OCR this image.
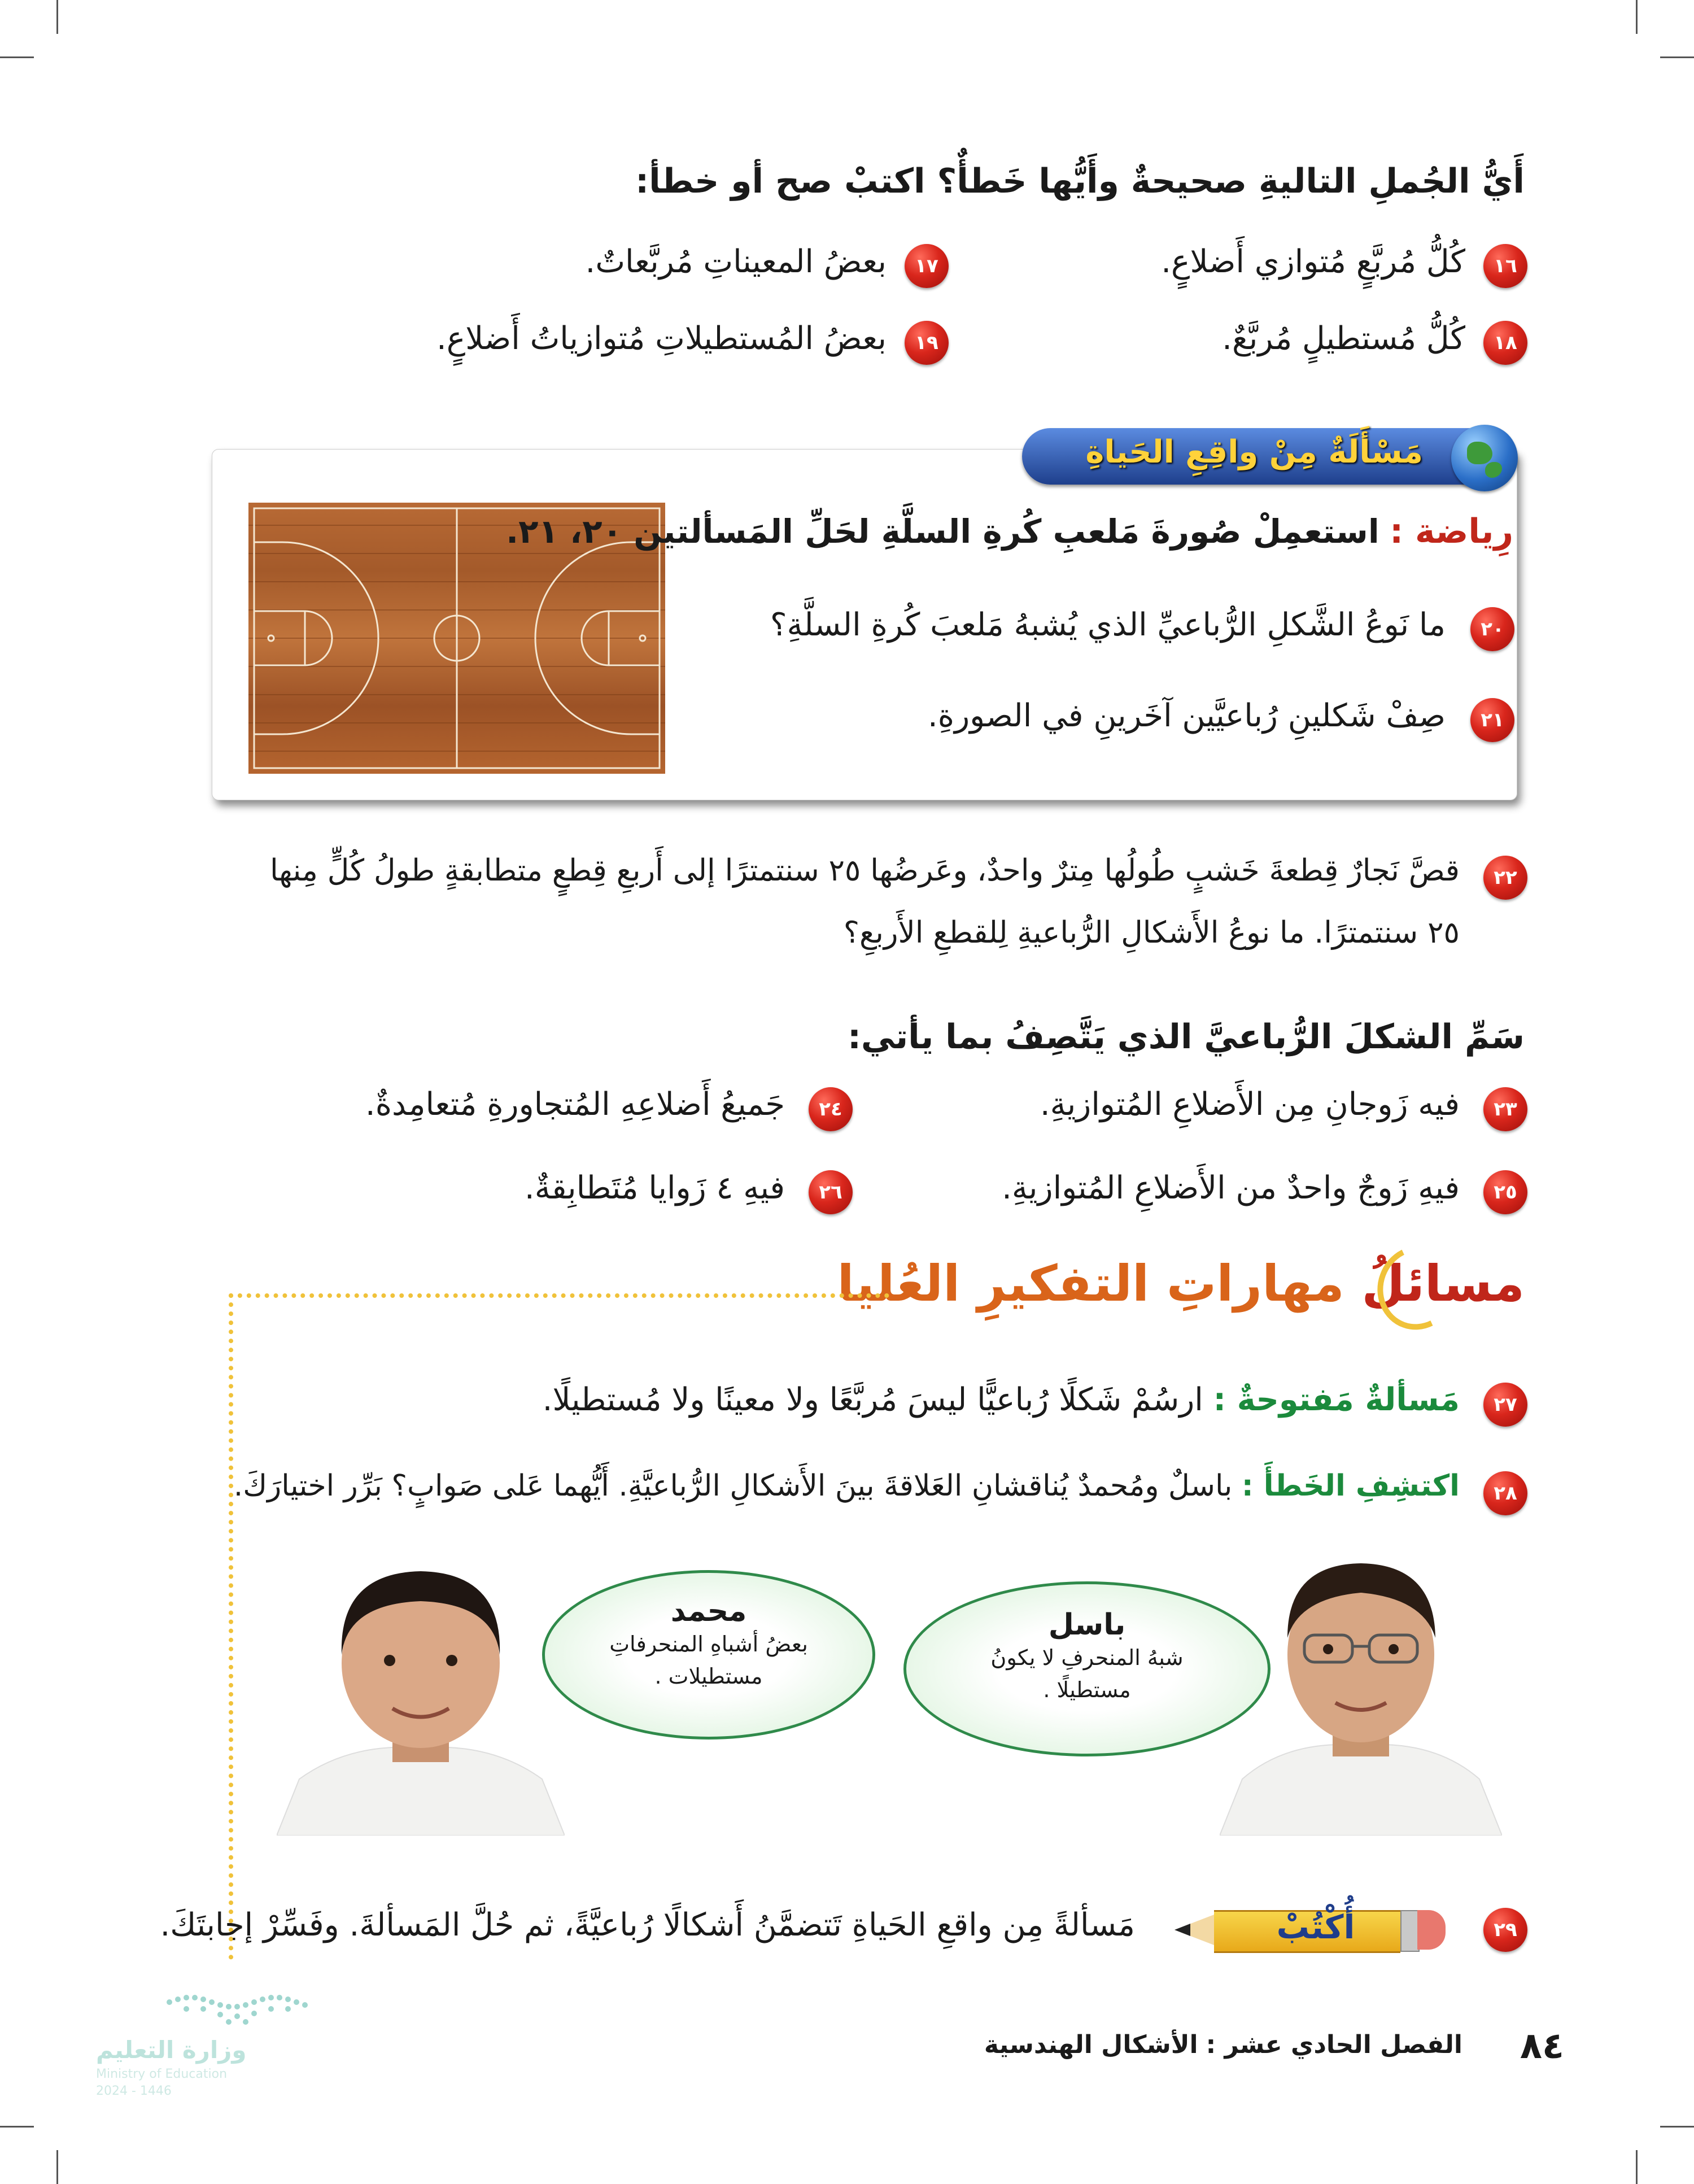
أَيُّ الجُملِ التاليةِ صحيحةٌ وأَيُّها خَطأٌ؟ اكتبْ صح أو خطأ:
١٦
كُلُّ مُربَّعٍ مُتوازي أَضلاعٍ.
١٧
بعضُ المعيناتِ مُربَّعاتٌ.
١٨
كُلُّ مُستطيلٍ مُربَّعٌ.
١٩
بعضُ المُستطيلاتِ مُتوازياتُ أَضلاعٍ.
مَسْأَلَةٌ مِنْ واقِعِ الحَياةِ
رِياضة : استعمِلْ صُورةَ مَلعبِ كُرةِ السلَّةِ لحَلِّ المَسألتين ٢٠، ٢١.
٢٠
ما نَوعُ الشَّكلِ الرُّباعيِّ الذي يُشبهُ مَلعبَ كُرةِ السلَّةِ؟
٢١
صِفْ شَكلينِ رُباعيَّين آخَرينِ في الصورةِ.
٢٢
قصَّ نَجارٌ قِطعةَ خَشبٍ طُولُها مِترٌ واحدٌ، وعَرضُها ٢٥ سنتمترًا إلى أَربعِ قِطعٍ متطابقةٍ طولُ كُلٍّ مِنها
٢٥ سنتمترًا. ما نوعُ الأَشكالِ الرُّباعيةِ لِلقطعِ الأَربعِ؟
سَمِّ الشكلَ الرُّباعيَّ الذي يَتَّصِفُ بما يأتي:
٢٣
فيه زَوجانِ مِن الأَضلاعِ المُتوازيةِ.
٢٤
جَميعُ أَضلاعِهِ المُتجاورةِ مُتعامِدةٌ.
٢٥
فيهِ زَوجٌ واحدٌ من الأَضلاعِ المُتوازيةِ.
٢٦
فيهِ ٤ زَوايا مُتَطابِقةٌ.
مسائلُ مهاراتِ التفكيرِ العُليا
٢٧
مَسألةٌ مَفتوحةٌ : ارسُمْ شَكلًا رُباعيًّا ليسَ مُربَّعًا ولا معينًا ولا مُستطيلًا.
٢٨
اكتشِفِ الخَطأَ : باسلٌ ومُحمدٌ يُناقشانِ العَلاقةَ بينَ الأَشكالِ الرُّباعيَّةِ. أَيُّهما عَلى صَوابٍ؟ بَرِّر اختيارَكَ.
باسل
شبهُ المنحرفِ لا يكونُ
مستطيلًا .
محمد
بعضُ أشباهِ المنحرفاتِ
مستطيلات .
٢٩
أُكْتُبْ
مَسألةً مِن واقعِ الحَياةِ تَتضمَّنُ أَشكالًا رُباعيَّةً، ثم حُلَّ المَسألةَ. وفَسِّرْ إجابتَكَ.
٨٤
الفصل الحادي عشر : الأشكال الهندسية
وزارة التعليم
Ministry of Education
2024 - 1446
